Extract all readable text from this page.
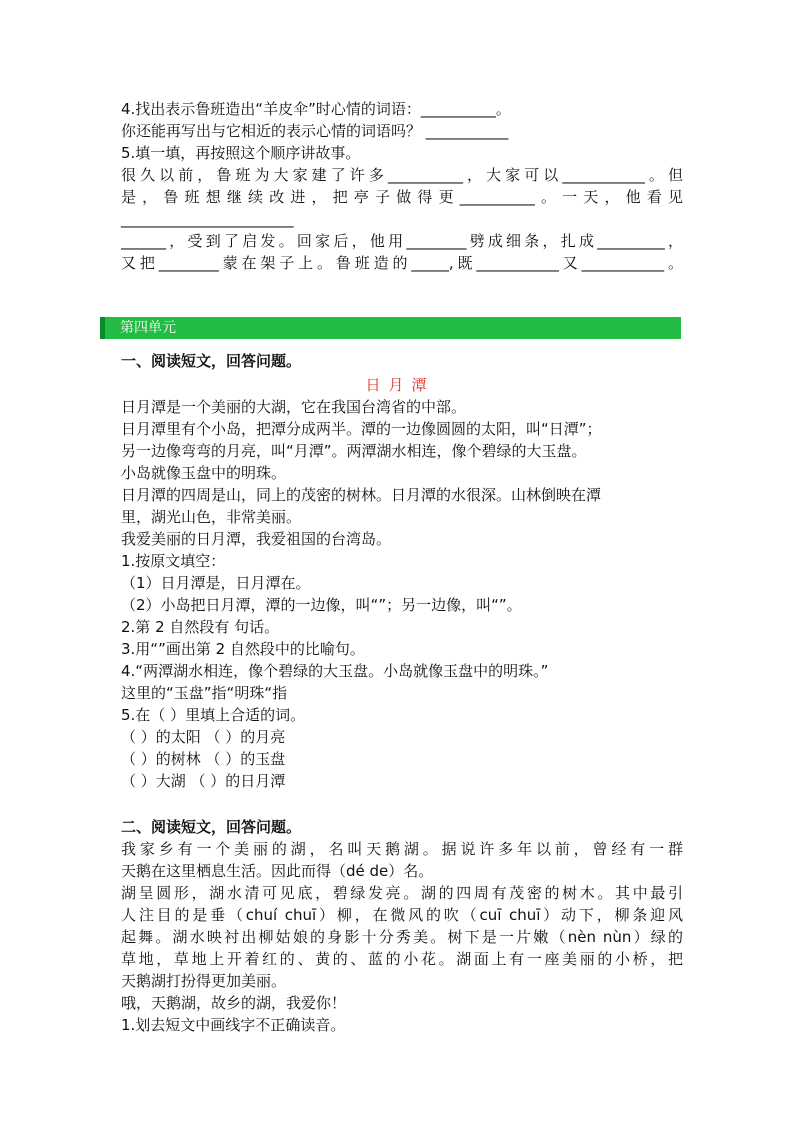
4.找出表示鲁班造出“羊皮伞”时心情的词语：__________。
你还能再写出与它相近的表示心情的词语吗？ ___________
5.填一填，再按照这个顺序讲故事。
很久以前，鲁班为大家建了许多__________，大家可以___________。但
是，鲁班想继续改进，把亭子做得更__________。一天，他看见
_______________________
______，受到了启发。回家后，他用________劈成细条，扎成_________，
又把________蒙在架子上。鲁班造的_____,既___________又___________。
第四单元
一、阅读短文，回答问题。
日月潭
日月潭是一个美丽的大湖，它在我国台湾省的中部。
日月潭里有个小岛，把潭分成两半。潭的一边像圆圆的太阳，叫“日潭”；
另一边像弯弯的月亮，叫“月潭”。两潭湖水相连，像个碧绿的大玉盘。
小岛就像玉盘中的明珠。
日月潭的四周是山，同上的茂密的树林。日月潭的水很深。山林倒映在潭
里，湖光山色，非常美丽。
我爱美丽的日月潭，我爱祖国的台湾岛。
1.按原文填空：
（1）日月潭是，日月潭在。
（2）小岛把日月潭，潭的一边像，叫“”；另一边像，叫“”。
2.第 2 自然段有 句话。
3.用“”画出第 2 自然段中的比喻句。
4.“两潭湖水相连，像个碧绿的大玉盘。小岛就像玉盘中的明珠。”
这里的“玉盘”指“明珠“指
5.在（ ）里填上合适的词。
（ ）的太阳 （ ）的月亮
（ ）的树林 （ ）的玉盘
（ ）大湖 （ ）的日月潭
二、阅读短文，回答问题。
我家乡有一个美丽的湖，名叫天鹅湖。据说许多年以前，曾经有一群
天鹅在这里栖息生活。因此而得（dé de）名。
湖呈圆形，湖水清可见底，碧绿发亮。湖的四周有茂密的树木。其中最引
人注目的是垂（chuí chuī）柳，在微风的吹（cuī chuī）动下，柳条迎风
起舞。湖水映衬出柳姑娘的身影十分秀美。树下是一片嫩（nèn nùn）绿的
草地，草地上开着红的、黄的、蓝的小花。湖面上有一座美丽的小桥，把
天鹅湖打扮得更加美丽。
哦，天鹅湖，故乡的湖，我爱你！
1.划去短文中画线字不正确读音。
